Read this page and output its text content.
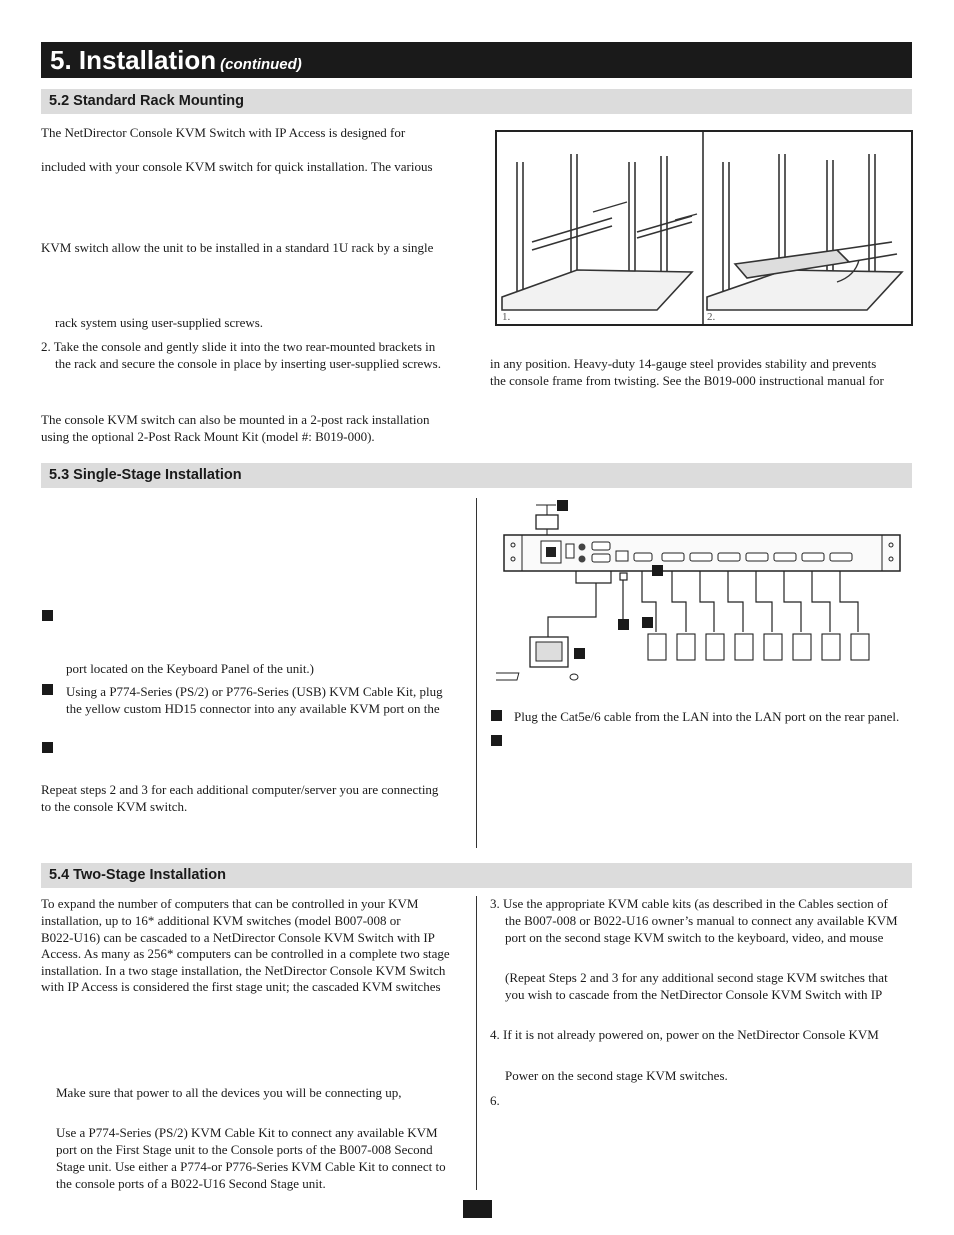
5. Installation (continued)
5.2 Standard Rack Mounting
The NetDirector Console KVM Switch with IP Access is designed for
included with your console KVM switch for quick installation. The various
KVM switch allow the unit to be installed in a standard 1U rack by a single
rack system using user-supplied screws.
2. Take the console and gently slide it into the two rear-mounted brackets in
the rack and secure the console in place by inserting user-supplied screws.
The console KVM switch can also be mounted in a 2-post rack installation
using the optional 2-Post Rack Mount Kit (model #: B019-000).
in any position. Heavy-duty 14-gauge steel provides stability and prevents
the console frame from twisting. See the B019-000 instructional manual for
1.	2.
5.3 Single-Stage Installation
port located on the Keyboard Panel of the unit.)
Using a P774-Series (PS/2) or P776-Series (USB) KVM Cable Kit, plug
the yellow custom HD15 connector into any available KVM port on the
Repeat steps 2 and 3 for each additional computer/server you are connecting
to the console KVM switch.
Plug the Cat5e/6 cable from the LAN into the LAN port on the rear panel.
5.4 Two-Stage Installation
To expand the number of computers that can be controlled in your KVM
installation, up to 16* additional KVM switches (model B007-008 or
B022-U16) can be cascaded to a NetDirector Console KVM Switch with IP
Access. As many as 256* computers can be controlled in a complete two stage
installation. In a two stage installation, the NetDirector Console KVM Switch
with IP Access is considered the first stage unit; the cascaded KVM switches
Make sure that power to all the devices you will be connecting up,
Use a P774-Series (PS/2) KVM Cable Kit to connect any available KVM
port on the First Stage unit to the Console ports of the B007-008 Second
Stage unit. Use either a P774-or P776-Series KVM Cable Kit to connect to
the console ports of a B022-U16 Second Stage unit.
3. Use the appropriate KVM cable kits (as described in the Cables section of
the B007-008 or B022-U16 owner’s manual to connect any available KVM
port on the second stage KVM switch to the keyboard, video, and mouse
(Repeat Steps 2 and 3 for any additional second stage KVM switches that
you wish to cascade from the NetDirector Console KVM Switch with IP
4. If it is not already powered on, power on the NetDirector Console KVM
Power on the second stage KVM switches.
6.
